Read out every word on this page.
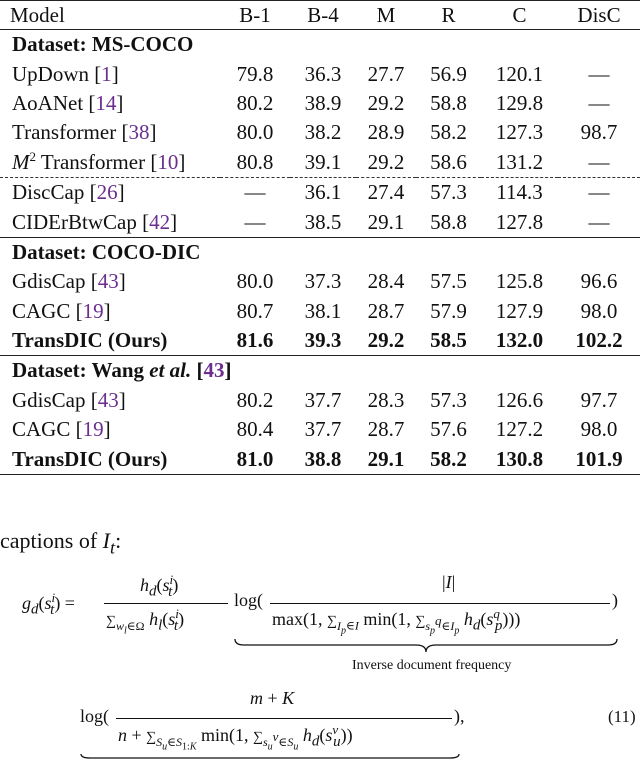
Model	B-1	B-4	M	R	C	DisC
Dataset: MS-COCO						
UpDown [1]	79.8	36.3	27.7	56.9	120.1	—
AoANet [14]	80.2	38.9	29.2	58.8	129.8	—
Transformer [38]	80.0	38.2	28.9	58.2	127.3	98.7
$M^2$ Transformer [10]	80.8	39.1	29.2	58.6	131.2	—
DiscCap [26]	—	36.1	27.4	57.3	114.3	—
CIDErBtwCap [42]	—	38.5	29.1	58.8	127.8	—
Dataset: COCO-DIC						
GdisCap [43]	80.0	37.3	28.4	57.5	125.8	96.6
CAGC [19]	80.7	38.1	28.7	57.9	127.9	98.0
TransDIC (Ours)	81.6	39.3	29.2	58.5	132.0	102.2
Dataset: Wang et al. [43]						
GdisCap [43]	80.2	37.7	28.3	57.3	126.6	97.7
CAGC [19]	80.4	37.7	28.7	57.6	127.2	98.0
TransDIC (Ours)	81.0	38.8	29.1	58.2	130.8	101.9
captions of $I_t$:
$g_d(s^i_t)$ =
$h_d(s^i_t)$
$\sum_{w_l\in\Omega}$ $h_l(s^i_t)$
log(
|I|
max(1, $\sum_{I_p\in I}$ min(1, $\sum_{s_p^q\in I_p}$ $h_d(s^q_p)$))
)
Inverse document frequency
log(
m + K
$n + \sum_{S_u\in S_{1:K}}$ min(1, $\sum_{s_u^v\in S_u}$ $h_d(s^v_u)$)
),	(11)
